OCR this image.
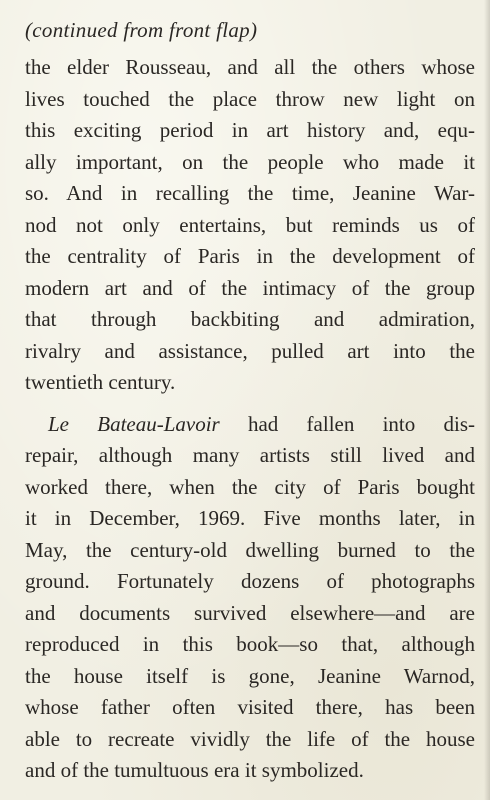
(continued from front flap)
the elder Rousseau, and all the others whose
lives touched the place throw new light on
this exciting period in art history and, equ-
ally important, on the people who made it
so. And in recalling the time, Jeanine War-
nod not only entertains, but reminds us of
the centrality of Paris in the development of
modern art and of the intimacy of the group
that through backbiting and admiration,
rivalry and assistance, pulled art into the
twentieth century.
Le Bateau-Lavoir had fallen into dis-
repair, although many artists still lived and
worked there, when the city of Paris bought
it in December, 1969. Five months later, in
May, the century-old dwelling burned to the
ground. Fortunately dozens of photographs
and documents survived elsewhere—and are
reproduced in this book—so that, although
the house itself is gone, Jeanine Warnod,
whose father often visited there, has been
able to recreate vividly the life of the house
and of the tumultuous era it symbolized.
